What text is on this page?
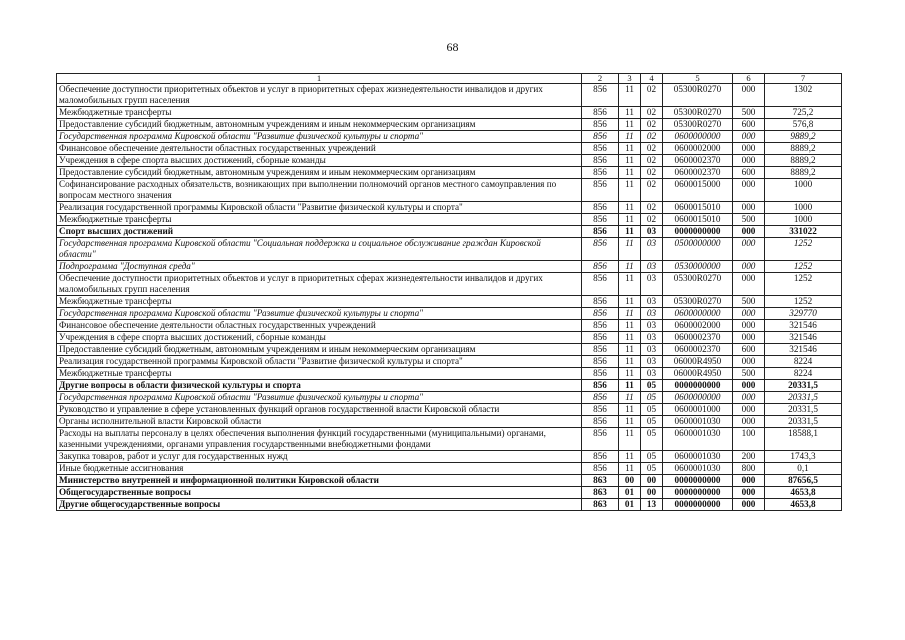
68
1	2	3	4	5	6	7
Обеспечение доступности приоритетных объектов и услуг в приоритетных сферах жизнедеятельности инвалидов и других маломобильных групп населения	856	11	02	05300R0270	000	1302
Межбюджетные трансферты	856	11	02	05300R0270	500	725,2
Предоставление субсидий бюджетным, автономным учреждениям и иным некоммерческим организациям	856	11	02	05300R0270	600	576,8
Государственная программа Кировской области "Развитие физической культуры и спорта"	856	11	02	0600000000	000	9889,2
Финансовое обеспечение деятельности областных государственных учреждений	856	11	02	0600002000	000	8889,2
Учреждения в сфере спорта высших достижений, сборные команды	856	11	02	0600002370	000	8889,2
Предоставление субсидий бюджетным, автономным учреждениям и иным некоммерческим организациям	856	11	02	0600002370	600	8889,2
Софинансирование расходных обязательств, возникающих при выполнении полномочий органов местного самоуправления по вопросам местного значения	856	11	02	0600015000	000	1000
Реализация государственной программы Кировской области "Развитие физической культуры и спорта"	856	11	02	0600015010	000	1000
Межбюджетные трансферты	856	11	02	0600015010	500	1000
Спорт высших достижений	856	11	03	0000000000	000	331022
Государственная программа Кировской области "Социальная поддержка и социальное обслуживание граждан Кировской области"	856	11	03	0500000000	000	1252
Подпрограмма "Доступная среда"	856	11	03	0530000000	000	1252
Обеспечение доступности приоритетных объектов и услуг в приоритетных сферах жизнедеятельности инвалидов и других маломобильных групп населения	856	11	03	05300R0270	000	1252
Межбюджетные трансферты	856	11	03	05300R0270	500	1252
Государственная программа Кировской области "Развитие физической культуры и спорта"	856	11	03	0600000000	000	329770
Финансовое обеспечение деятельности областных государственных учреждений	856	11	03	0600002000	000	321546
Учреждения в сфере спорта высших достижений, сборные команды	856	11	03	0600002370	000	321546
Предоставление субсидий бюджетным, автономным учреждениям и иным некоммерческим организациям	856	11	03	0600002370	600	321546
Реализация государственной программы Кировской области "Развитие физической культуры и спорта"	856	11	03	06000R4950	000	8224
Межбюджетные трансферты	856	11	03	06000R4950	500	8224
Другие вопросы в области физической культуры и спорта	856	11	05	0000000000	000	20331,5
Государственная программа Кировской области "Развитие физической культуры и спорта"	856	11	05	0600000000	000	20331,5
Руководство и управление в сфере установленных функций органов государственной власти Кировской области	856	11	05	0600001000	000	20331,5
Органы исполнительной власти Кировской области	856	11	05	0600001030	000	20331,5
Расходы на выплаты персоналу в целях обеспечения выполнения функций государственными (муниципальными) органами, казенными учреждениями, органами управления государственными внебюджетными фондами	856	11	05	0600001030	100	18588,1
Закупка товаров, работ и услуг для государственных нужд	856	11	05	0600001030	200	1743,3
Иные бюджетные ассигнования	856	11	05	0600001030	800	0,1
Министерство внутренней и информационной политики Кировской области	863	00	00	0000000000	000	87656,5
Общегосударственные вопросы	863	01	00	0000000000	000	4653,8
Другие общегосударственные вопросы	863	01	13	0000000000	000	4653,8
